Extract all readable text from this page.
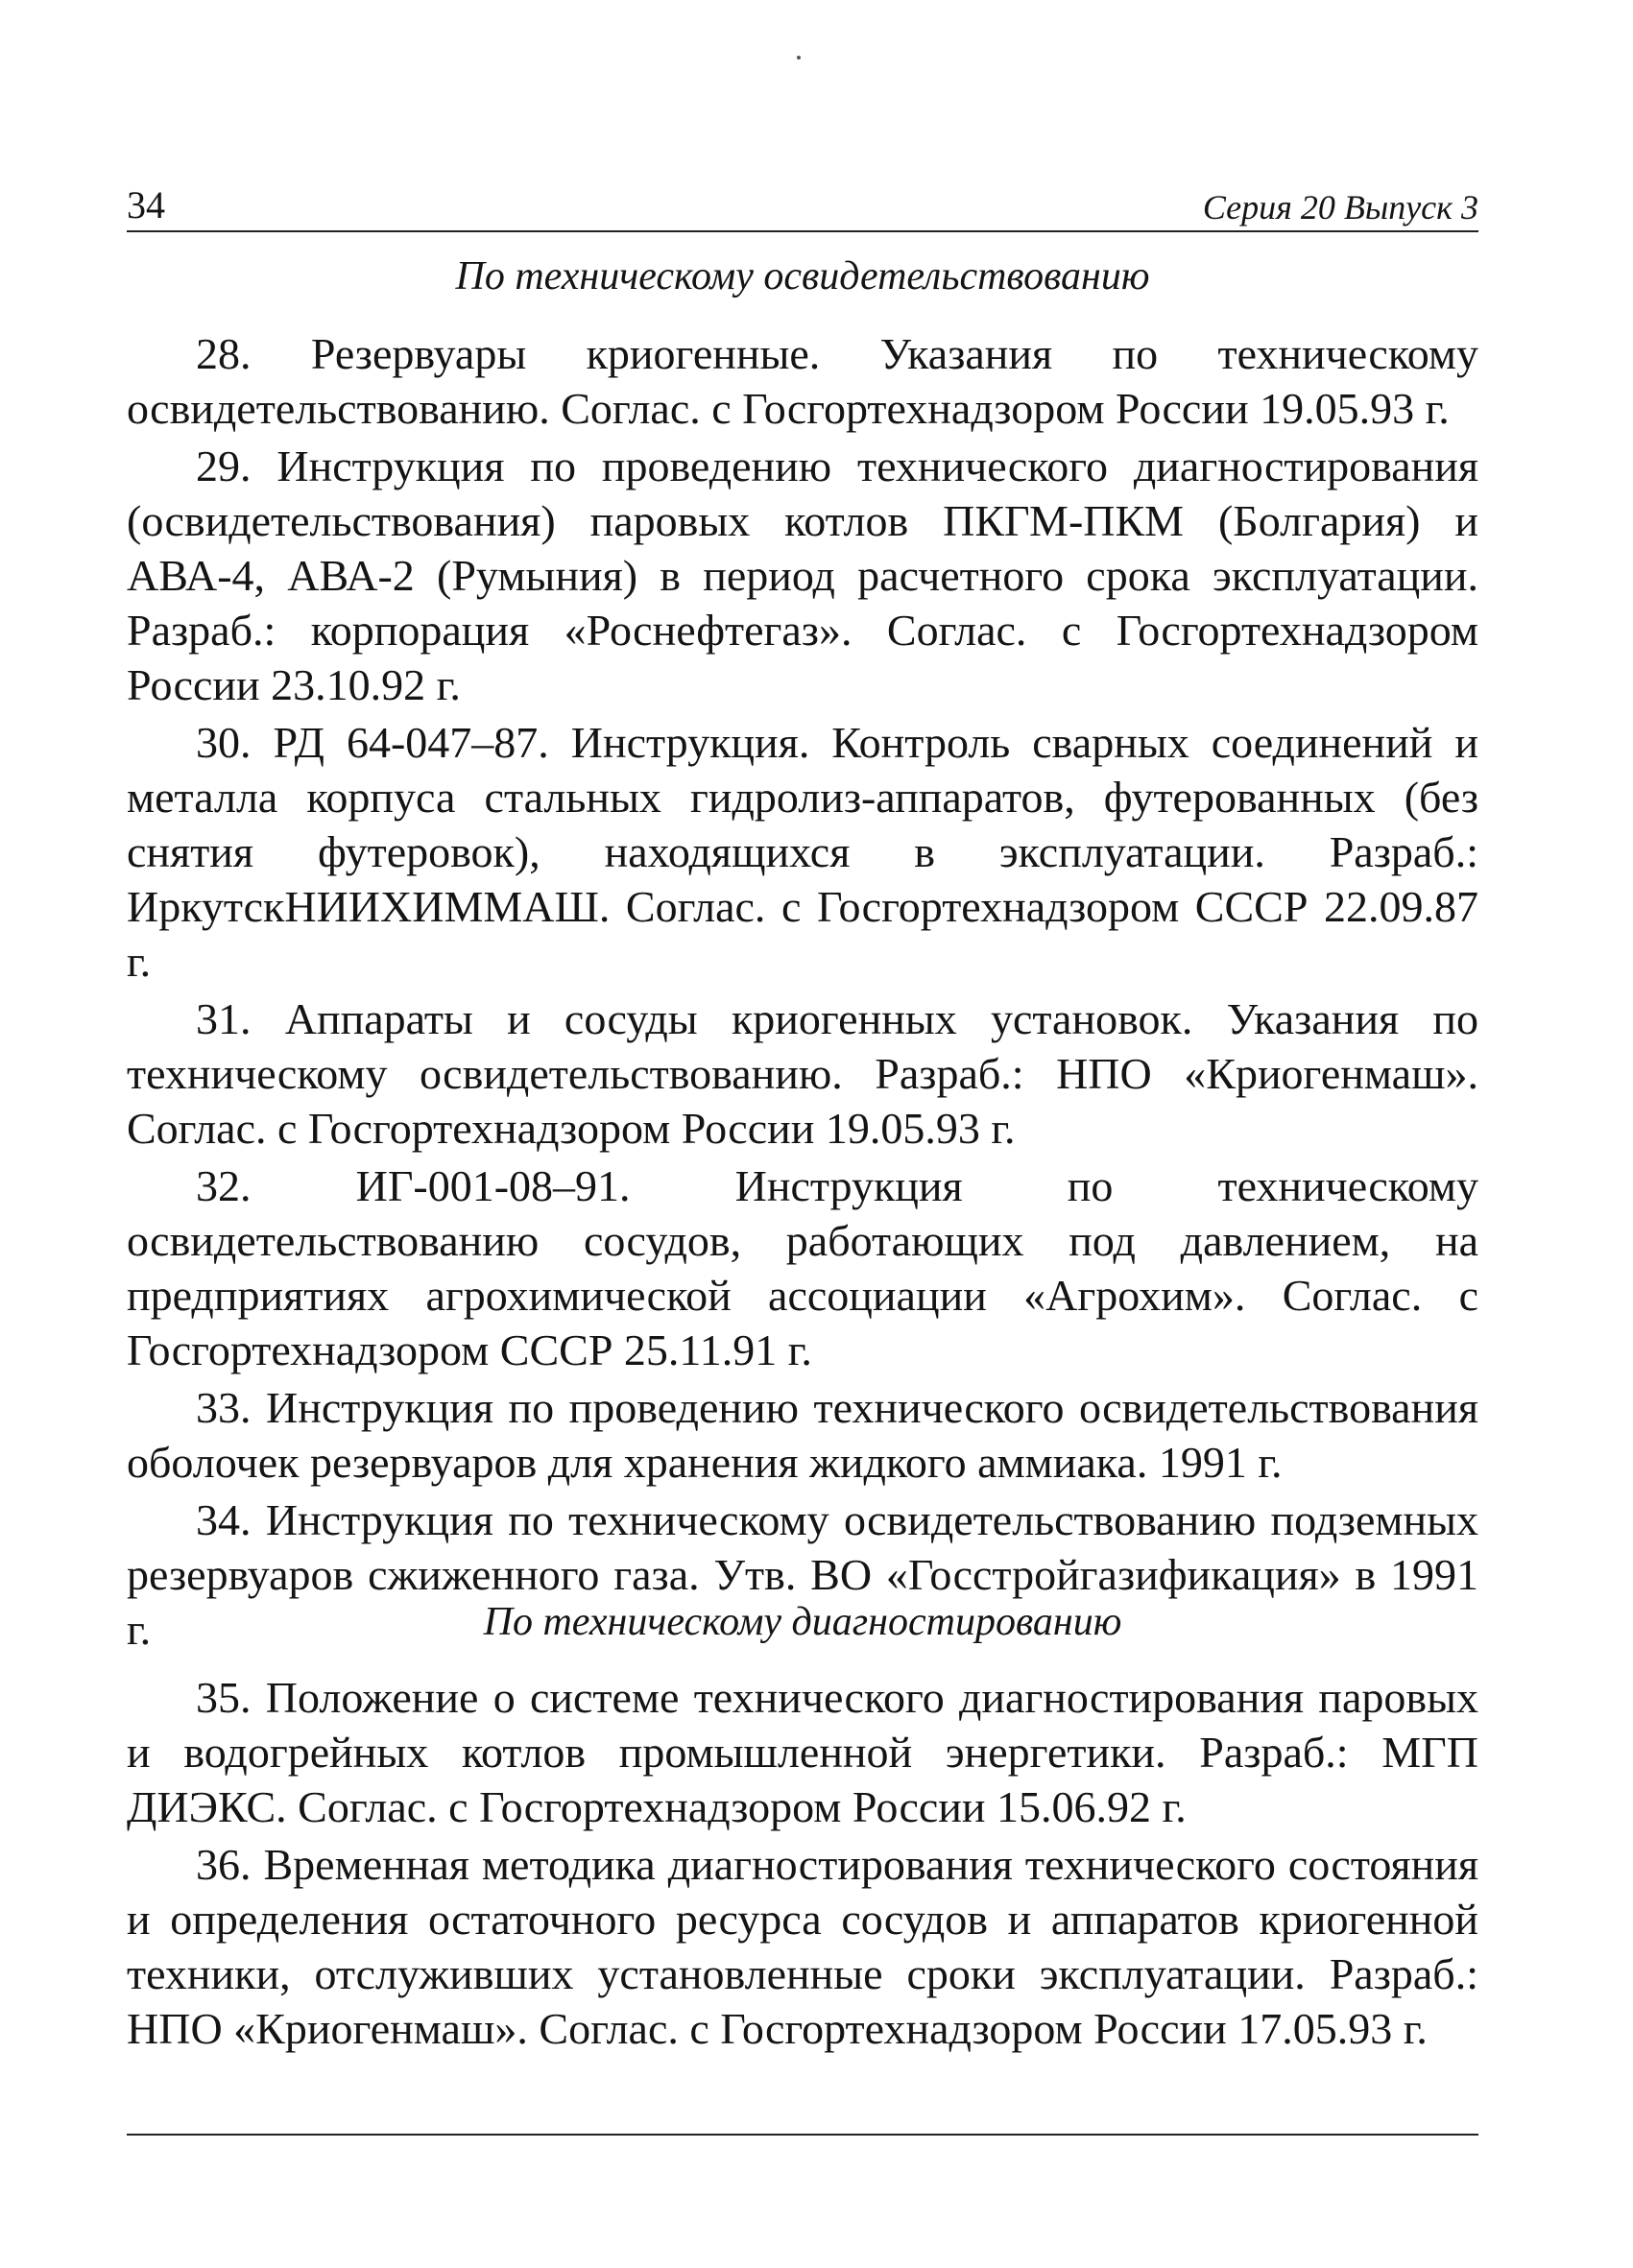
34	Серия 20 Выпуск 3
По техническому освидетельствованию

28. Резервуары криогенные. Указания по техническому освидетельствованию. Соглас. с Госгортехнадзором России 19.05.93 г.

29. Инструкция по проведению технического диагностирования (освидетельствования) паровых котлов ПКГМ-ПКМ (Болгария) и АВА-4, АВА-2 (Румыния) в период расчетного срока эксплуатации. Разраб.: корпорация «Роснефтегаз». Соглас. с Госгортехнадзором России 23.10.92 г.

30. РД 64-047–87. Инструкция. Контроль сварных соединений и металла корпуса стальных гидролиз-аппаратов, футерованных (без снятия футеровок), находящихся в эксплуатации. Разраб.: ИркутскНИИХИММАШ. Соглас. с Госгортехнадзором СССР 22.09.87 г.

31. Аппараты и сосуды криогенных установок. Указания по техническому освидетельствованию. Разраб.: НПО «Криогенмаш». Соглас. с Госгортехнадзором России 19.05.93 г.

32. ИГ-001-08–91. Инструкция по техническому освидетельствованию сосудов, работающих под давлением, на предприятиях агрохимической ассоциации «Агрохим». Соглас. с Госгортехнадзором СССР 25.11.91 г.

33. Инструкция по проведению технического освидетельствования оболочек резервуаров для хранения жидкого аммиака. 1991 г.

34. Инструкция по техническому освидетельствованию подземных резервуаров сжиженного газа. Утв. ВО «Госстройгазификация» в 1991 г.	По техническому диагностированию

35. Положение о системе технического диагностирования паровых и водогрейных котлов промышленной энергетики. Разраб.: МГП ДИЭКС. Соглас. с Госгортехнадзором России 15.06.92 г.

36. Временная методика диагностирования технического состояния и определения остаточного ресурса сосудов и аппаратов криогенной техники, отслуживших установленные сроки эксплуатации. Разраб.: НПО «Криогенмаш». Соглас. с Госгортехнадзором России 17.05.93 г.
